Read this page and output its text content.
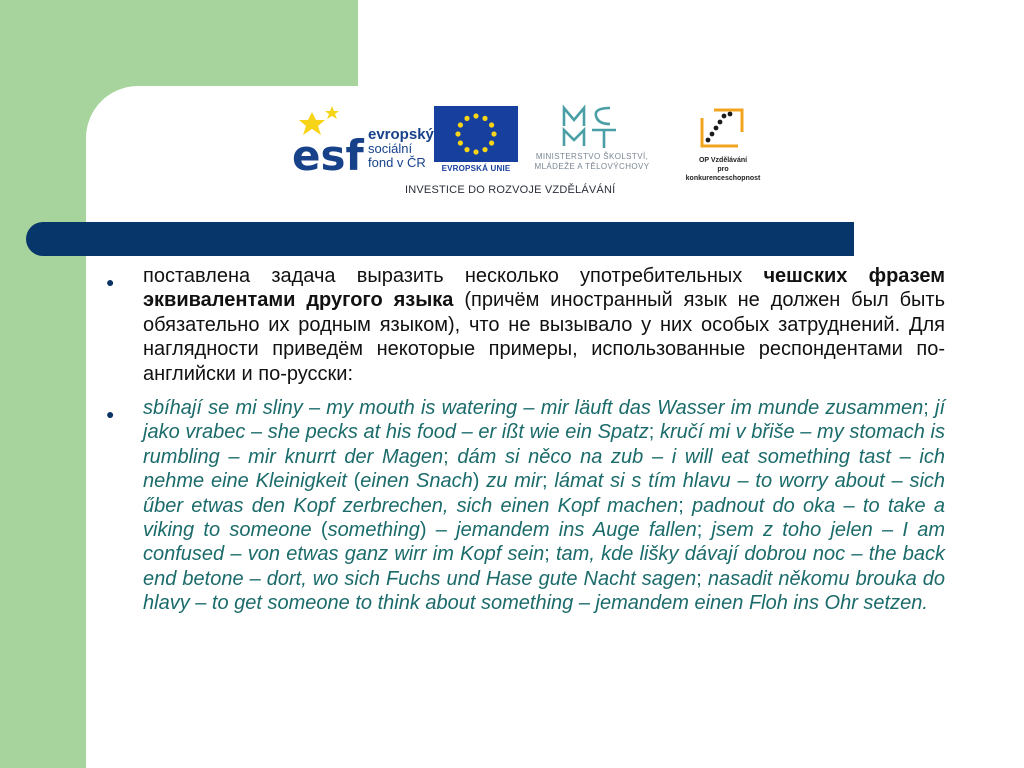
esf evropský
sociální
fond v ČR	EVROPSKÁ UNIE
MINISTERSTVO ŠKOLSTVÍ,
MLÁDEŽE A TĚLOVÝCHOVY
OP Vzdělávání
pro konkurenceschopnost
INVESTICE DO ROZVOJE VZDĚLÁVÁNÍ
● поставлена задача выразить несколько употребительных чешских фразем эквивалентами другого языка (причём иностранный язык не должен был быть обязательно их родным языком), что не вызывало у них особых затруднений. Для наглядности приведём некоторые примеры, использованные респондентами по-английски и по-русски:
● sbíhají se mi sliny – my mouth is watering – mir läuft das Wasser im munde zusammen; jí jako vrabec – she pecks at his food – er ißt wie ein Spatz; kručí mi v břiše – my stomach is rumbling – mir knurrt der Magen; dám si něco na zub – i will eat something tast – ich nehme eine Kleinigkeit (einen Snach) zu mir; lámat si s tím hlavu – to worry about – sich űber etwas den Kopf zerbrechen, sich einen Kopf machen; padnout do oka – to take a viking to someone (something) – jemandem ins Auge fallen; jsem z toho jelen – I am confused – von etwas ganz wirr im Kopf sein; tam, kde lišky dávají dobrou noc – the back end betone – dort, wo sich Fuchs und Hase gute Nacht sagen; nasadit někomu brouka do hlavy – to get someone to think about something – jemandem einen Floh ins Ohr setzen.
